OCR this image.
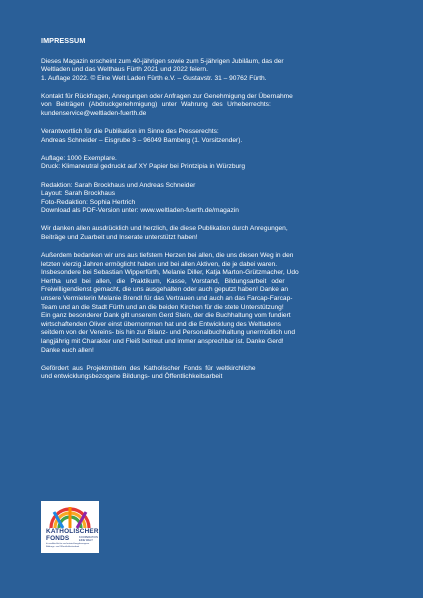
IMPRESSUM
Dieses Magazin erscheint zum 40-jährigen sowie zum 5-jährigen Jubiläum, das der
Weltladen und das Welthaus Fürth 2021 und 2022 feiern.
1. Auflage 2022. © Eine Welt Laden Fürth e.V. – Gustavstr. 31 – 90762 Fürth.
Kontakt für Rückfragen, Anregungen oder Anfragen zur Genehmigung der Übernahme
von Beiträgen (Abdruckgenehmigung) unter Wahrung des Urheberrechts:
kundenservice@weltladen-fuerth.de
Verantwortlich für die Publikation im Sinne des Presserechts:
Andreas Schneider – Eisgrube 3 – 96049 Bamberg (1. Vorsitzender).
Auflage: 1000 Exemplare.
Druck: Klimaneutral gedruckt auf XY Papier bei Printzipia in Würzburg
Redaktion: Sarah Brockhaus und Andreas Schneider
Layout: Sarah Brockhaus
Foto-Redaktion: Sophia Hertrich
Download als PDF-Version unter: www.weltladen-fuerth.de/magazin
Wir danken allen ausdrücklich und herzlich, die diese Publikation durch Anregungen,
Beiträge und Zuarbeit und Inserate unterstützt haben!
Außerdem bedanken wir uns aus tiefstem Herzen bei allen, die uns diesen Weg in den
letzten vierzig Jahren ermöglicht haben und bei allen Aktiven, die je dabei waren.
Insbesondere bei Sebastian Wipperfürth, Melanie Diller, Katja Marton-Grützmacher, Udo
Hertha und bei allen, die Praktikum, Kasse, Vorstand, Bildungsarbeit oder
Freiwilligendienst gemacht, die uns ausgehalten oder auch geputzt haben! Danke an
unsere Vermieterin Melanie Brendl für das Vertrauen und auch an das Farcap-Farcap-
Team und an die Stadt Fürth und an die beiden Kirchen für die stete Unterstützung!
Ein ganz besonderer Dank gilt unserem Gerd Stein, der die Buchhaltung vom fundiert
wirtschaftenden Oliver einst übernommen hat und die Entwicklung des Weltladens
seitdem von der Vereins- bis hin zur Bilanz- und Personalbuchhaltung unermüdlich und
langjährig mit Charakter und Fleiß betreut und immer ansprechbar ist. Danke Gerd!
Danke euch allen!
Gefördert aus Projektmitteln des Katholischer Fonds für weltkirchliche
und entwicklungsbezogene Bildungs- und Öffentlichkeitsarbeit
KATHOLISCHER
FONDS	KOOPERATION EINE WELT
für weltkirchliche und entwicklungsbezogene Bildungs- und Öffentlichkeitsarbeit
